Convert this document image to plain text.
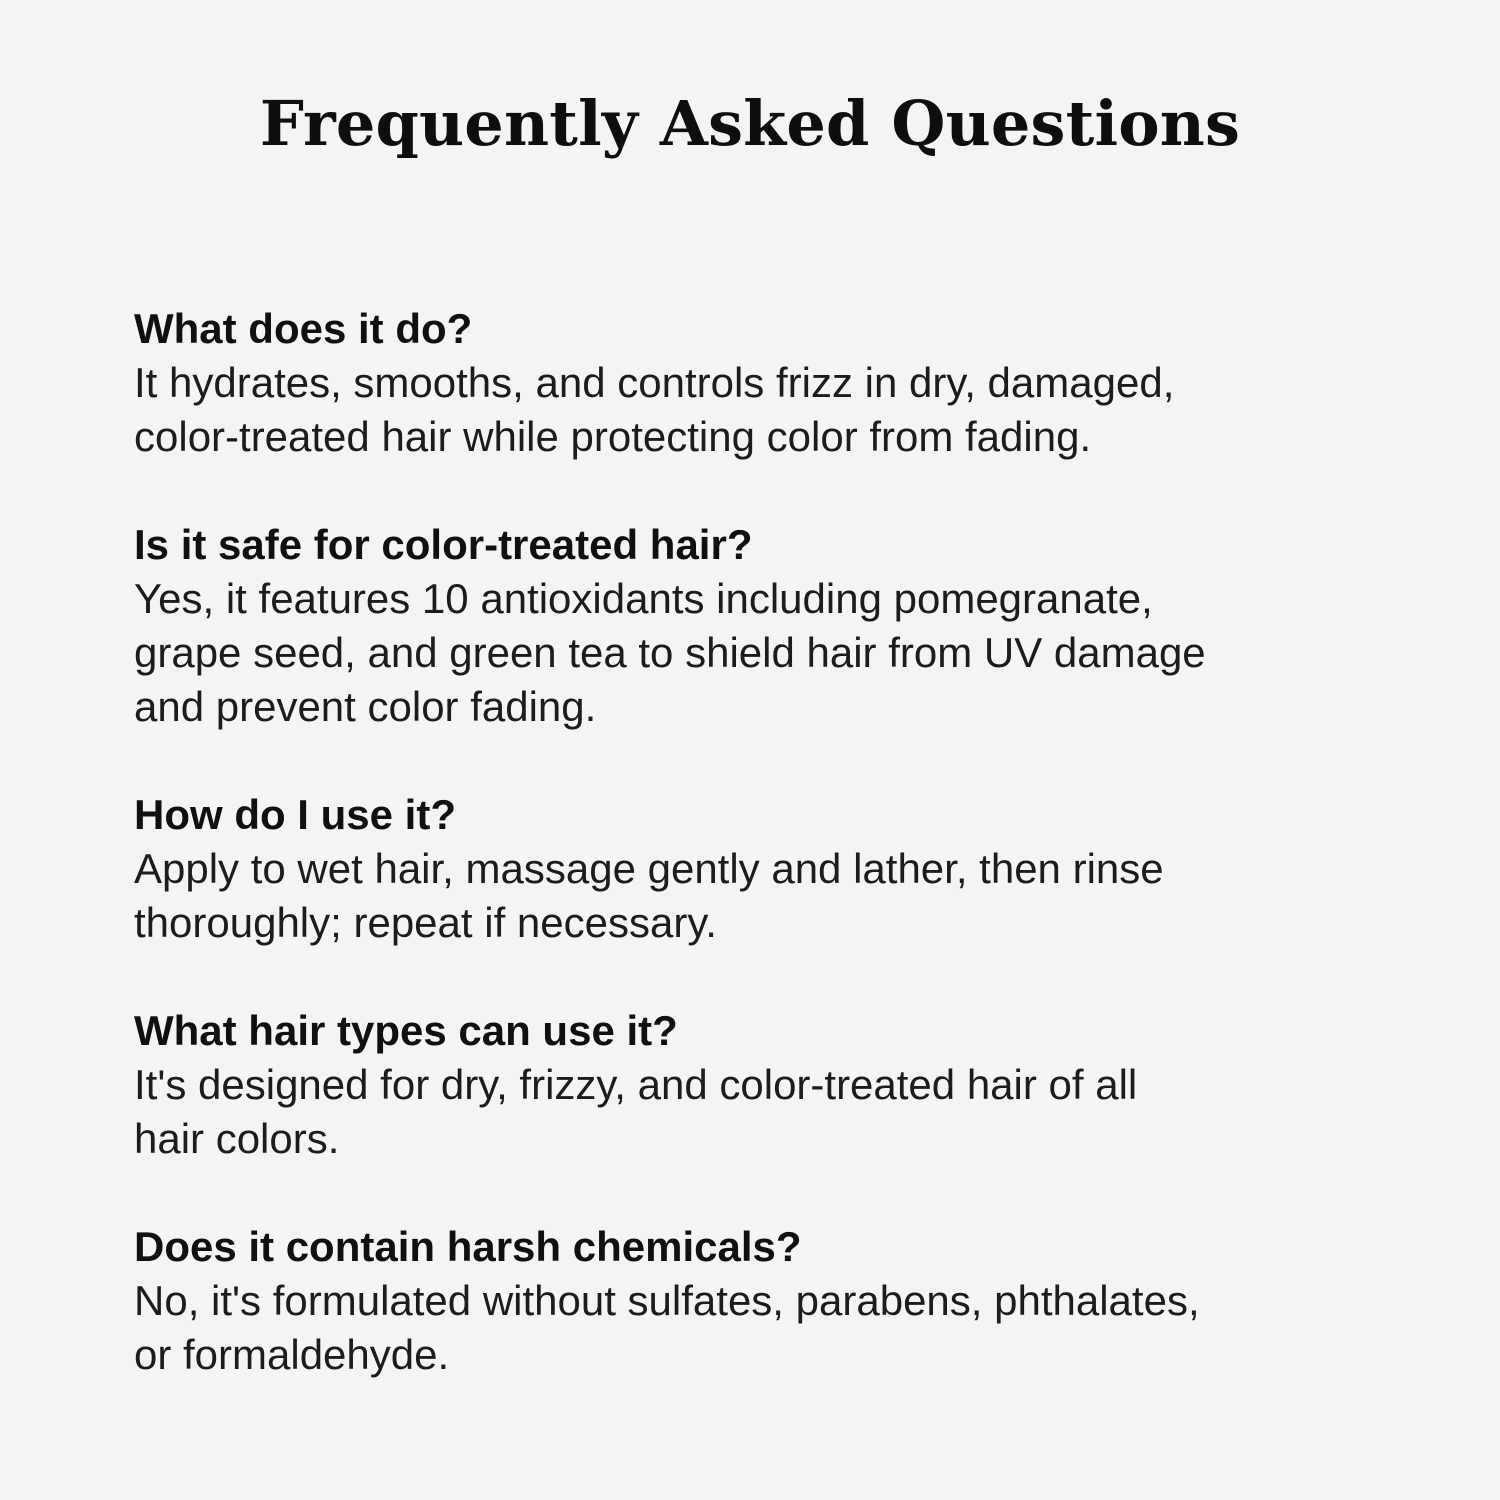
Frequently Asked Questions

What does it do?

It hydrates, smooths, and controls frizz in dry, damaged,
color-treated hair while protecting color from fading.

Is it safe for color-treated hair?

Yes, it features 10 antioxidants including pomegranate,
grape seed, and green tea to shield hair from UV damage
and prevent color fading.

How do I use it?

Apply to wet hair, massage gently and lather, then rinse
thoroughly; repeat if necessary.

What hair types can use it?

It's designed for dry, frizzy, and color-treated hair of all
hair colors.

Does it contain harsh chemicals?

No, it's formulated without sulfates, parabens, phthalates,
or formaldehyde.
